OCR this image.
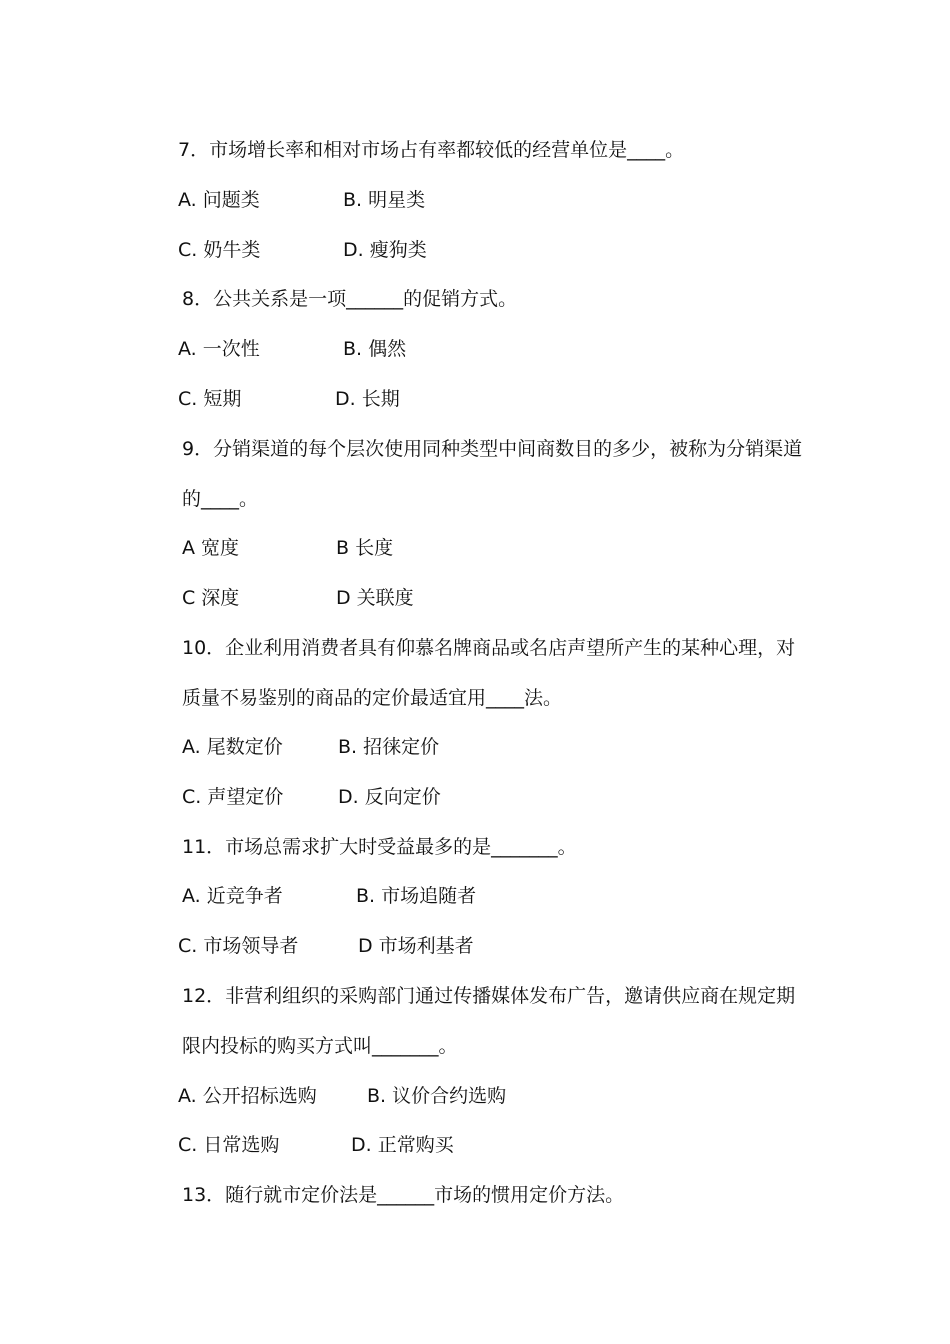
7．市场增长率和相对市场占有率都较低的经营单位是____。
A. 问题类	B. 明星类
C. 奶牛类	D. 瘦狗类
8．公共关系是一项______的促销方式。
A. 一次性	B. 偶然
C. 短期	D. 长期
9．分销渠道的每个层次使用同种类型中间商数目的多少，被称为分销渠道
的____。
A 宽度	B 长度
C 深度	D 关联度
10．企业利用消费者具有仰慕名牌商品或名店声望所产生的某种心理，对
质量不易鉴别的商品的定价最适宜用____法。
A. 尾数定价	B. 招徕定价
C. 声望定价	D. 反向定价
11．市场总需求扩大时受益最多的是_______。
A. 近竞争者	B. 市场追随者
C. 市场领导者	D 市场利基者
12．非营利组织的采购部门通过传播媒体发布广告，邀请供应商在规定期
限内投标的购买方式叫_______。
A. 公开招标选购	B. 议价合约选购
C. 日常选购	D. 正常购买
13．随行就市定价法是______市场的惯用定价方法。
